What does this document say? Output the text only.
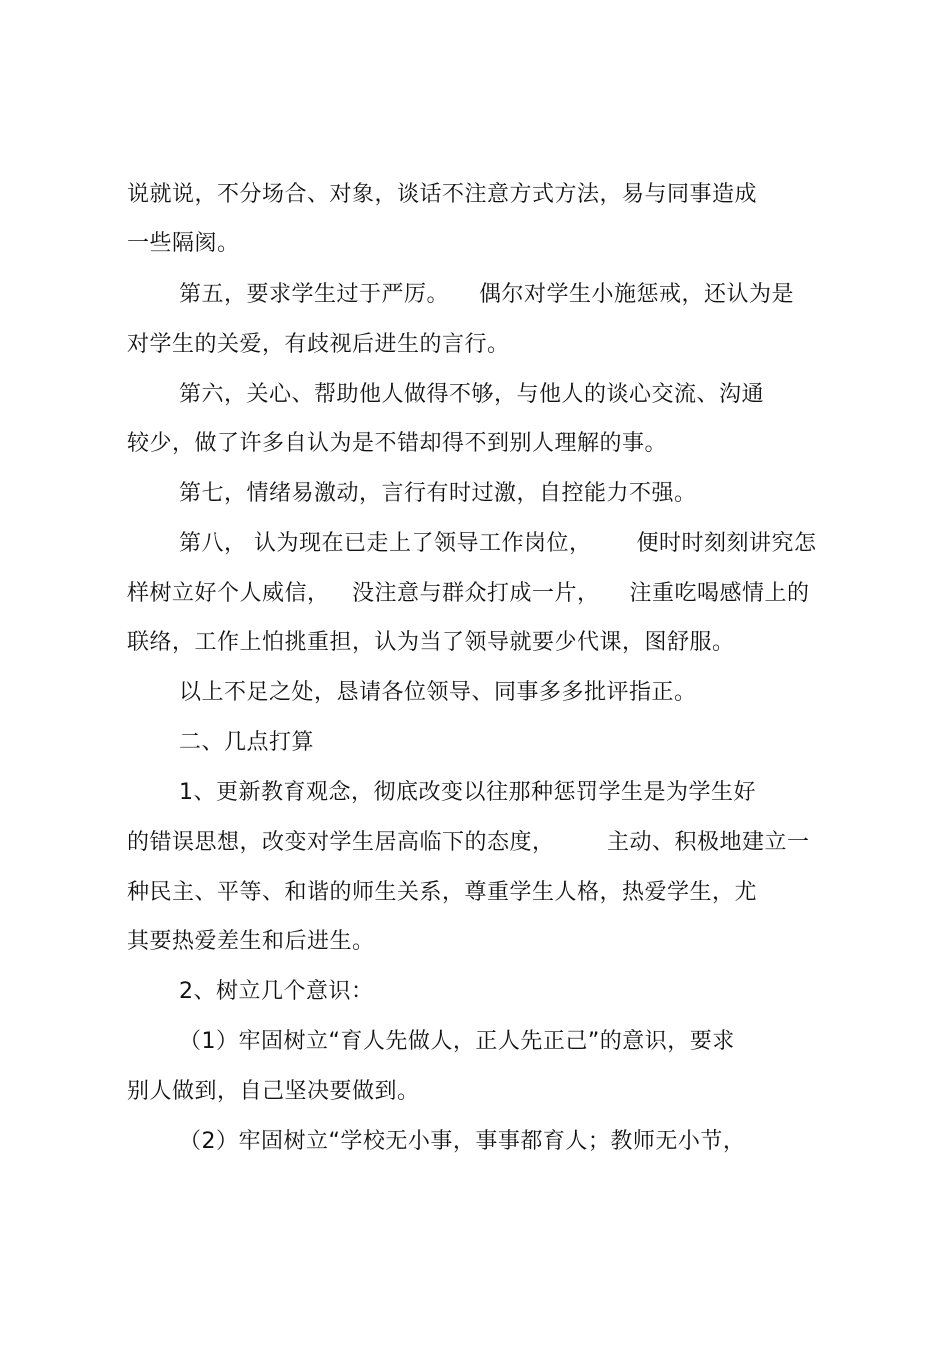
说就说，不分场合、对象，谈话不注意方式方法，易与同事造成
一些隔阂。
第五，要求学生过于严厉。    偶尔对学生小施惩戒，还认为是
对学生的关爱，有歧视后进生的言行。
第六，关心、帮助他人做得不够，与他人的谈心交流、沟通
较少，做了许多自认为是不错却得不到别人理解的事。
第七，情绪易激动，言行有时过激，自控能力不强。
第八， 认为现在已走上了领导工作岗位，      便时时刻刻讲究怎
样树立好个人威信，   没注意与群众打成一片，    注重吃喝感情上的
联络，工作上怕挑重担，认为当了领导就要少代课，图舒服。
以上不足之处，恳请各位领导、同事多多批评指正。
二、几点打算
1、更新教育观念，彻底改变以往那种惩罚学生是为学生好
的错误思想，改变对学生居高临下的态度，       主动、积极地建立一
种民主、平等、和谐的师生关系，尊重学生人格，热爱学生，尤
其要热爱差生和后进生。
2、树立几个意识：
（1）牢固树立“育人先做人，正人先正己”的意识，要求
别人做到，自己坚决要做到。
（2）牢固树立“学校无小事，事事都育人；教师无小节，
